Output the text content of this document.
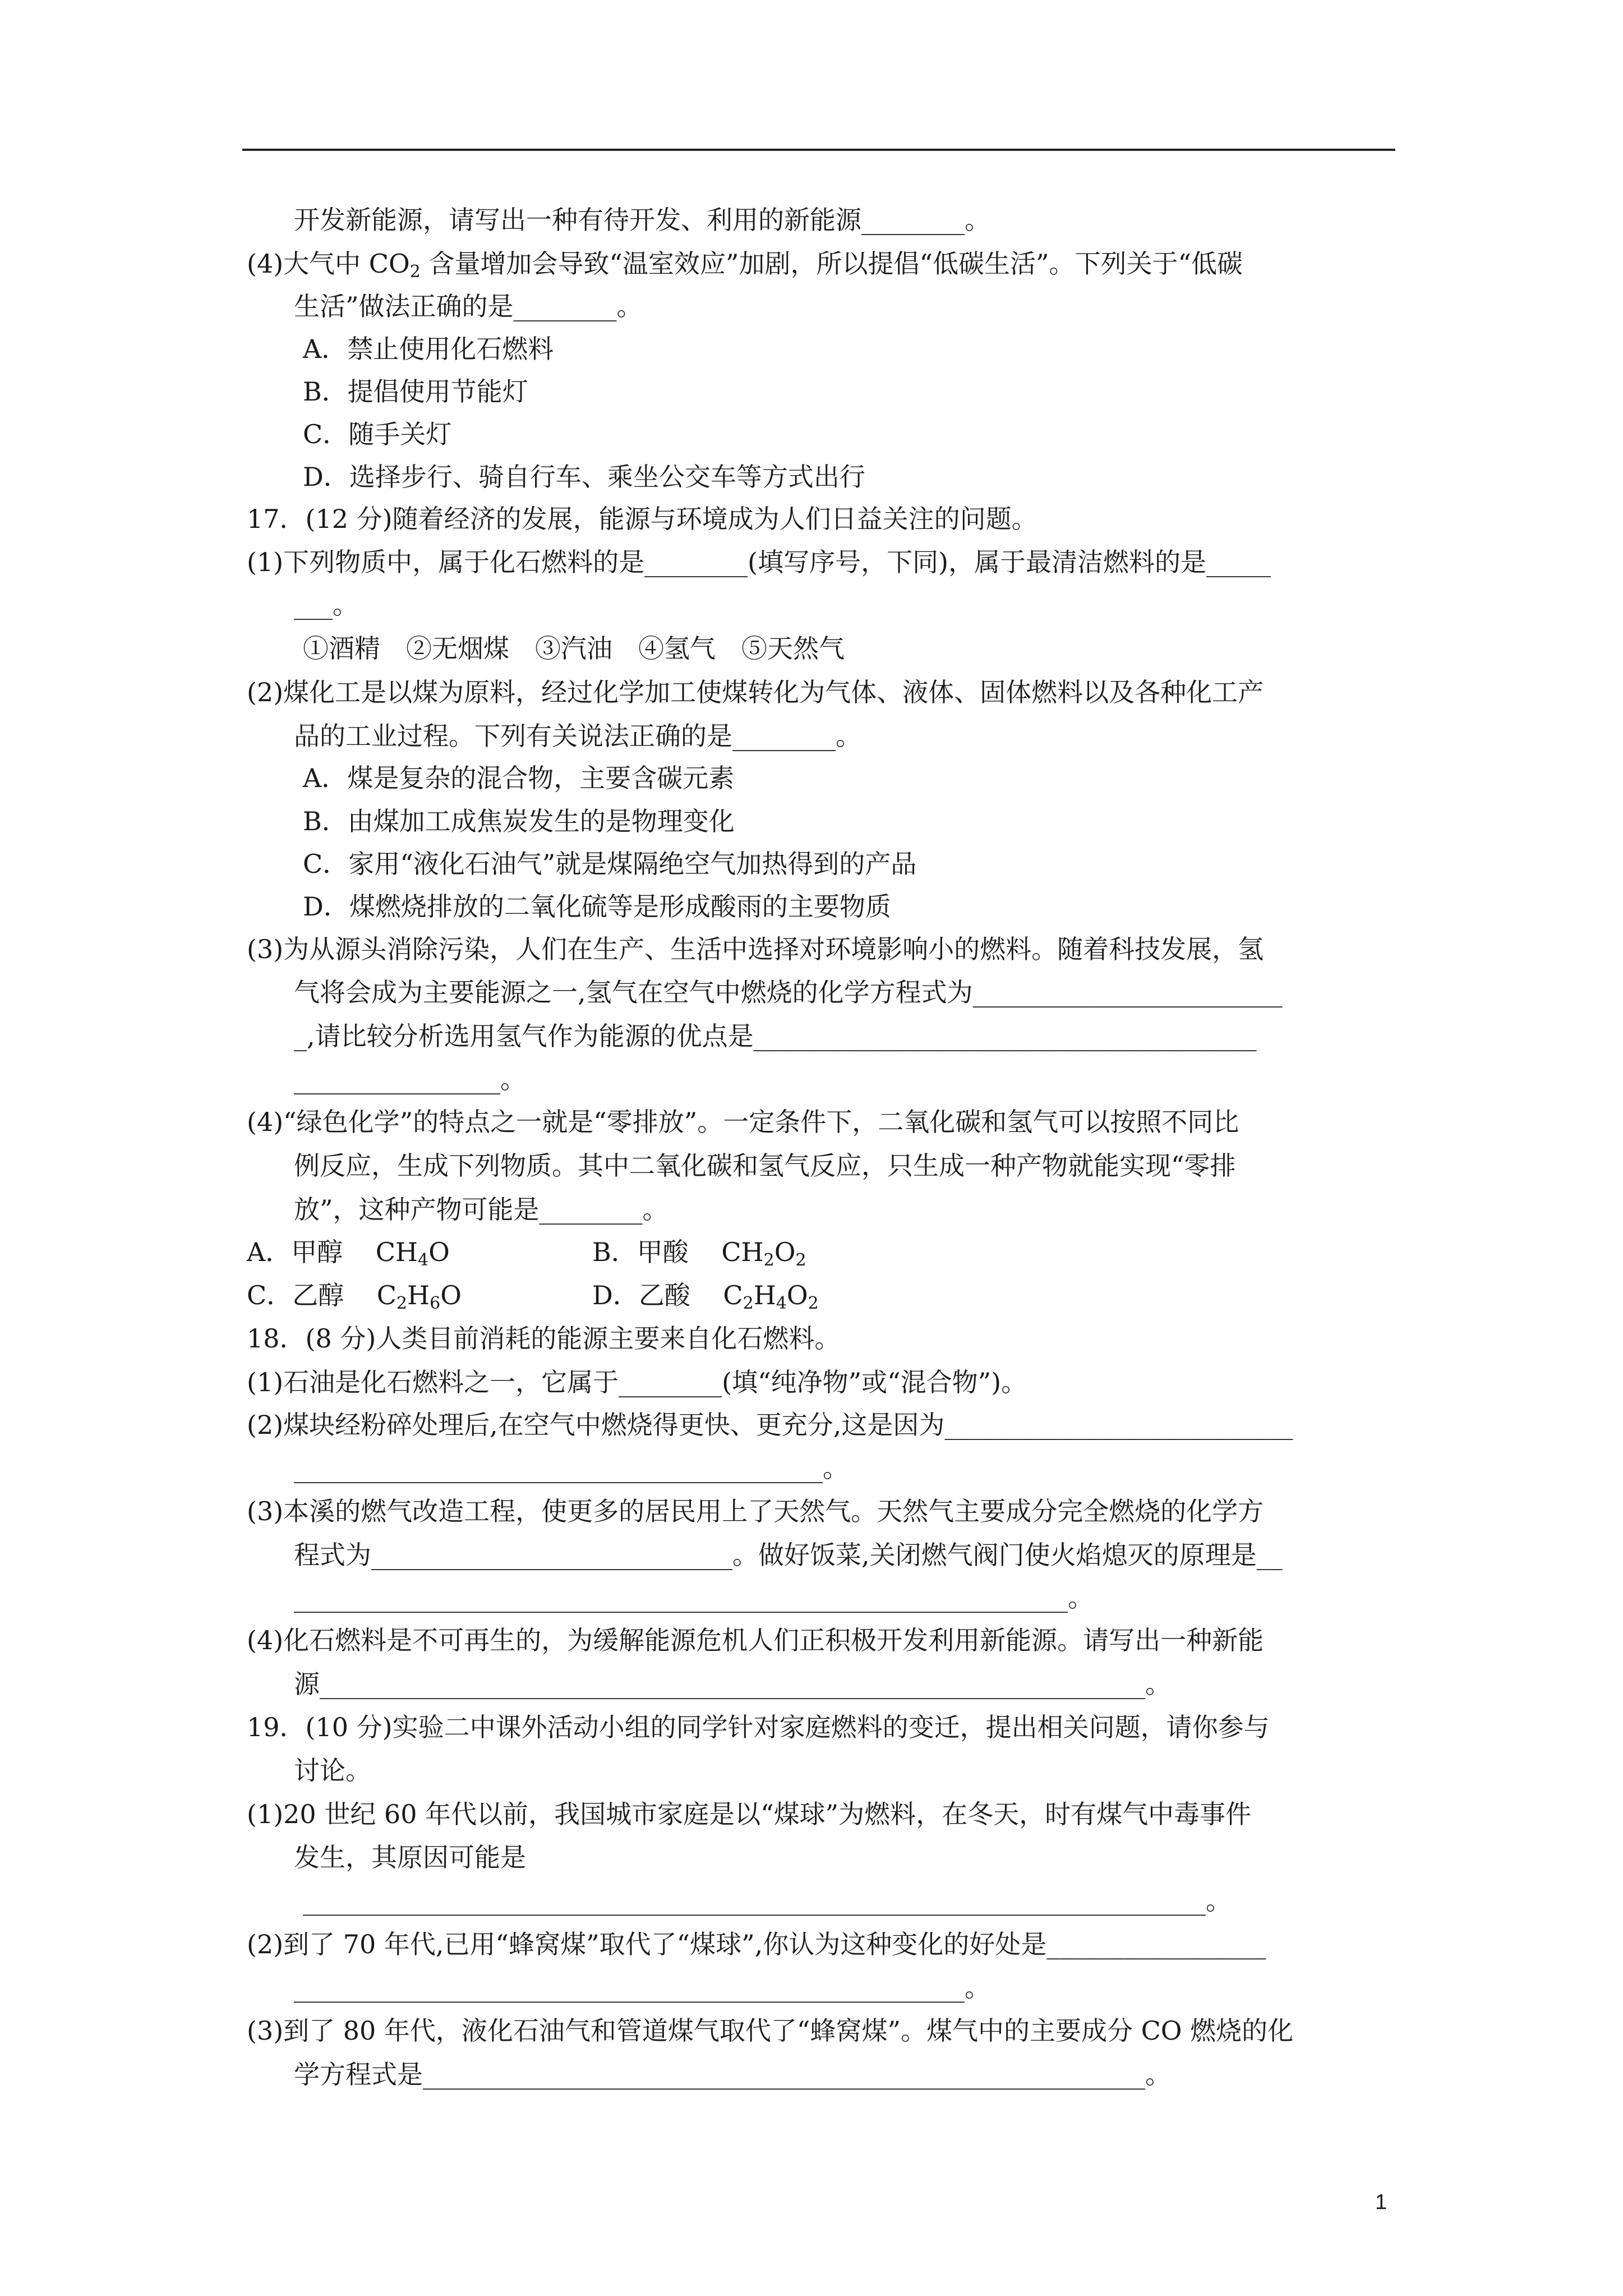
开发新能源，请写出一种有待开发、利用的新能源________。
(4)大气中 $CO_2$ 含量增加会导致“温室效应”加剧，所以提倡“低碳生活”。下列关于“低碳
生活”做法正确的是________。
A．禁止使用化石燃料
B．提倡使用节能灯
C．随手关灯
D．选择步行、骑自行车、乘坐公交车等方式出行
17．(12 分)随着经济的发展，能源与环境成为人们日益关注的问题。
(1)下列物质中，属于化石燃料的是________(填写序号，下同)，属于最清洁燃料的是_____
___。
①酒精　②无烟煤　③汽油　④氢气　⑤天然气
(2)煤化工是以煤为原料，经过化学加工使煤转化为气体、液体、固体燃料以及各种化工产
品的工业过程。下列有关说法正确的是________。
A．煤是复杂的混合物，主要含碳元素
B．由煤加工成焦炭发生的是物理变化
C．家用“液化石油气”就是煤隔绝空气加热得到的产品
D．煤燃烧排放的二氧化硫等是形成酸雨的主要物质
(3)为从源头消除污染，人们在生产、生活中选择对环境影响小的燃料。随着科技发展，氢
气将会成为主要能源之一,氢气在空气中燃烧的化学方程式为________________________
_,请比较分析选用氢气作为能源的优点是_______________________________________
________________。
(4)“绿色化学”的特点之一就是“零排放”。一定条件下，二氧化碳和氢气可以按照不同比
例反应，生成下列物质。其中二氧化碳和氢气反应，只生成一种产物就能实现“零排
放”，这种产物可能是________。
A．甲醇 $CH_4O$	B．甲酸 $CH_2O_2$
C．乙醇 $C_2H_6O$	D．乙酸 $C_2H_4O_2$
18．(8 分)人类目前消耗的能源主要来自化石燃料。
(1)石油是化石燃料之一，它属于________(填“纯净物”或“混合物”)。
(2)煤块经粉碎处理后,在空气中燃烧得更快、更充分,这是因为___________________________
_________________________________________。
(3)本溪的燃气改造工程，使更多的居民用上了天然气。天然气主要成分完全燃烧的化学方
程式为____________________________。做好饭菜,关闭燃气阀门使火焰熄灭的原理是__
____________________________________________________________。
(4)化石燃料是不可再生的，为缓解能源危机人们正积极开发利用新能源。请写出一种新能
源________________________________________________________________。
19．(10 分)实验二中课外活动小组的同学针对家庭燃料的变迁，提出相关问题，请你参与
讨论。
(1)20 世纪 60 年代以前，我国城市家庭是以“煤球”为燃料，在冬天，时有煤气中毒事件
发生，其原因可能是
______________________________________________________________________。
(2)到了 70 年代,已用“蜂窝煤”取代了“煤球”,你认为这种变化的好处是_________________
____________________________________________________。
(3)到了 80 年代，液化石油气和管道煤气取代了“蜂窝煤”。煤气中的主要成分 CO 燃烧的化
学方程式是________________________________________________________。
1
